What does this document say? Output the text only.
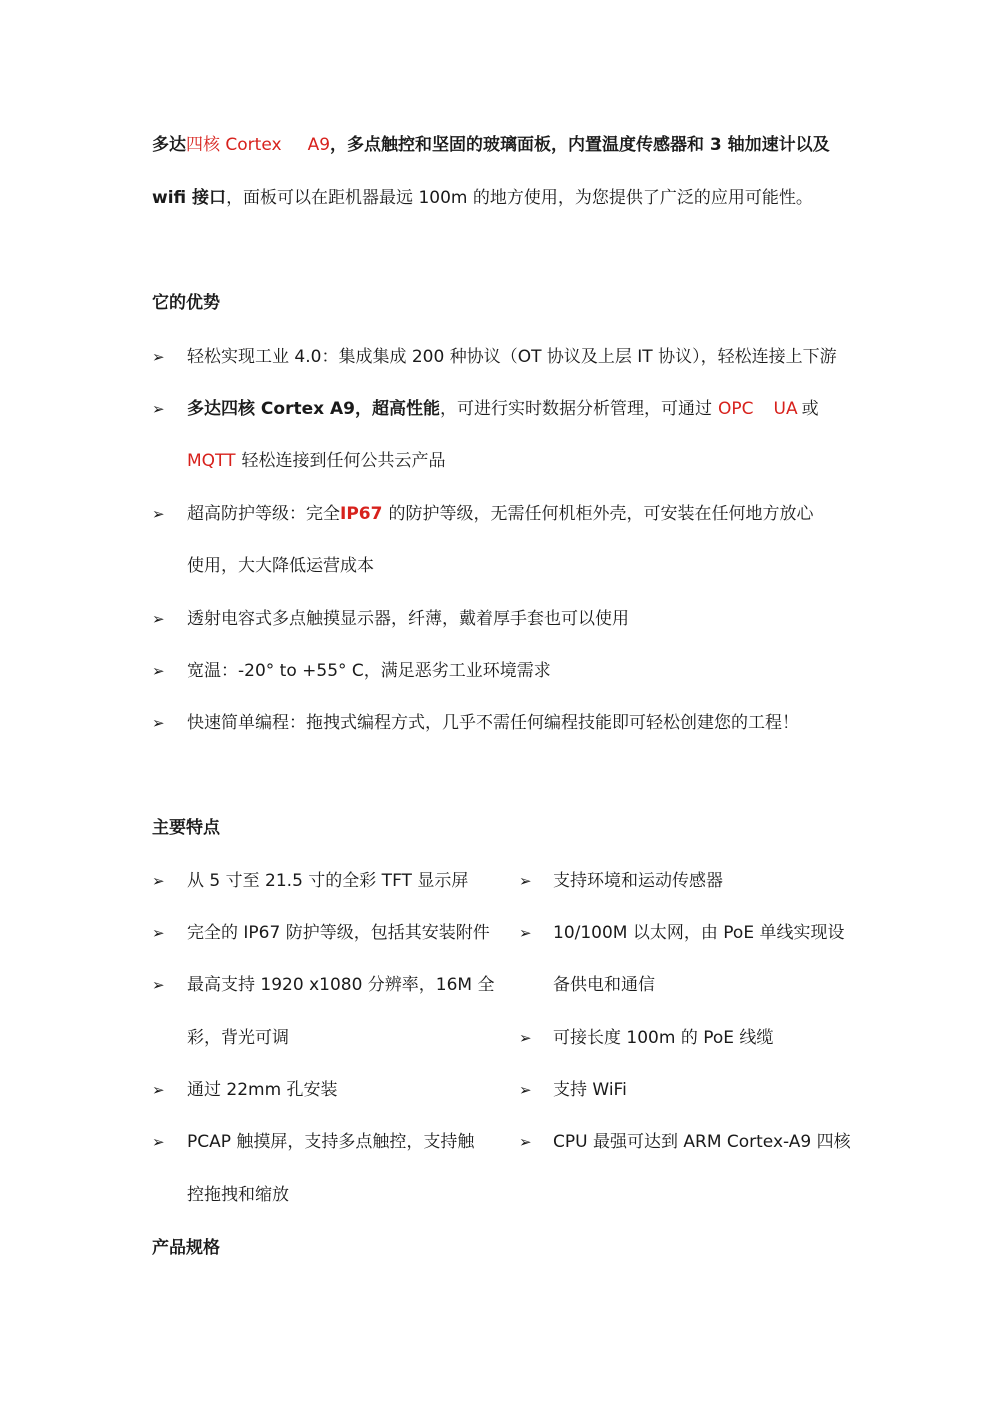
多达四核 Cortex A9，多点触控和坚固的玻璃面板，内置温度传感器和 3 轴加速计以及
wifi 接口，面板可以在距机器最远 100m 的地方使用，为您提供了广泛的应用可能性。
它的优势
➢ 轻松实现工业 4.0：集成集成 200 种协议（OT 协议及上层 IT 协议），轻松连接上下游
➢ 多达四核 Cortex A9，超高性能，可进行实时数据分析管理，可通过 OPC UA 或
MQTT 轻松连接到任何公共云产品
➢ 超高防护等级：完全IP67 的防护等级，无需任何机柜外壳，可安装在任何地方放心
使用，大大降低运营成本
➢ 透射电容式多点触摸显示器，纤薄，戴着厚手套也可以使用
➢ 宽温：-20° to +55° C，满足恶劣工业环境需求
➢ 快速简单编程：拖拽式编程方式，几乎不需任何编程技能即可轻松创建您的工程！
主要特点
➢ 从 5 寸至 21.5 寸的全彩 TFT 显示屏
➢ 完全的 IP67 防护等级，包括其安装附件
➢ 最高支持 1920 x1080 分辨率，16M 全
彩，背光可调
➢ 通过 22mm 孔安装
➢ PCAP 触摸屏，支持多点触控，支持触
控拖拽和缩放
➢ 支持环境和运动传感器
➢ 10/100M 以太网，由 PoE 单线实现设
备供电和通信
➢ 可接长度 100m 的 PoE 线缆
➢ 支持 WiFi
➢ CPU 最强可达到 ARM Cortex-A9 四核
产品规格
